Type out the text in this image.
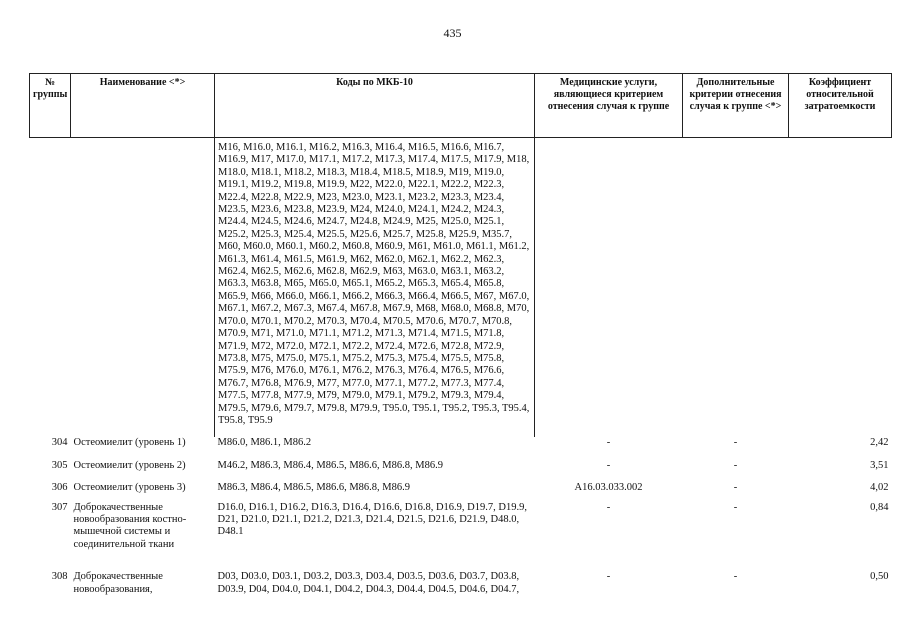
435
№ группы	Наименование <*>	Коды по МКБ-10	Медицинские услуги, являющиеся критерием отнесения случая к группе	Дополнительные критерии отнесения случая к группе <*>	Коэффициент относительной затратоемкости
		M16, M16.0, M16.1, M16.2, M16.3, M16.4, M16.5, M16.6, M16.7, M16.9, M17, M17.0, M17.1, M17.2, M17.3, M17.4, M17.5, M17.9, M18, M18.0, M18.1, M18.2, M18.3, M18.4, M18.5, M18.9, M19, M19.0, M19.1, M19.2, M19.8, M19.9, M22, M22.0, M22.1, M22.2, M22.3, M22.4, M22.8, M22.9, M23, M23.0, M23.1, M23.2, M23.3, M23.4, M23.5, M23.6, M23.8, M23.9, M24, M24.0, M24.1, M24.2, M24.3, M24.4, M24.5, M24.6, M24.7, M24.8, M24.9, M25, M25.0, M25.1, M25.2, M25.3, M25.4, M25.5, M25.6, M25.7, M25.8, M25.9, M35.7, M60, M60.0, M60.1, M60.2, M60.8, M60.9, M61, M61.0, M61.1, M61.2, M61.3, M61.4, M61.5, M61.9, M62, M62.0, M62.1, M62.2, M62.3, M62.4, M62.5, M62.6, M62.8, M62.9, M63, M63.0, M63.1, M63.2, M63.3, M63.8, M65, M65.0, M65.1, M65.2, M65.3, M65.4, M65.8, M65.9, M66, M66.0, M66.1, M66.2, M66.3, M66.4, M66.5, M67, M67.0, M67.1, M67.2, M67.3, M67.4, M67.8, M67.9, M68, M68.0, M68.8, M70, M70.0, M70.1, M70.2, M70.3, M70.4, M70.5, M70.6, M70.7, M70.8, M70.9, M71, M71.0, M71.1, M71.2, M71.3, M71.4, M71.5, M71.8, M71.9, M72, M72.0, M72.1, M72.2, M72.4, M72.6, M72.8, M72.9, M73.8, M75, M75.0, M75.1, M75.2, M75.3, M75.4, M75.5, M75.8, M75.9, M76, M76.0, M76.1, M76.2, M76.3, M76.4, M76.5, M76.6, M76.7, M76.8, M76.9, M77, M77.0, M77.1, M77.2, M77.3, M77.4, M77.5, M77.8, M77.9, M79, M79.0, M79.1, M79.2, M79.3, M79.4, M79.5, M79.6, M79.7, M79.8, M79.9, T95.0, T95.1, T95.2, T95.3, T95.4, T95.8, T95.9			
304	Остеомиелит (уровень 1)	M86.0, M86.1, M86.2	-	-	2,42
305	Остеомиелит (уровень 2)	M46.2, M86.3, M86.4, M86.5, M86.6, M86.8, M86.9	-	-	3,51
306	Остеомиелит (уровень 3)	M86.3, M86.4, M86.5, M86.6, M86.8, M86.9	A16.03.033.002	-	4,02
307	Доброкачественные новообразования костно-мышечной системы и соединительной ткани	D16.0, D16.1, D16.2, D16.3, D16.4, D16.6, D16.8, D16.9, D19.7, D19.9, D21, D21.0, D21.1, D21.2, D21.3, D21.4, D21.5, D21.6, D21.9, D48.0, D48.1	-	-	0,84
308	Доброкачественные новообразования,	D03, D03.0, D03.1, D03.2, D03.3, D03.4, D03.5, D03.6, D03.7, D03.8, D03.9, D04, D04.0, D04.1, D04.2, D04.3, D04.4, D04.5, D04.6, D04.7,	-	-	0,50
